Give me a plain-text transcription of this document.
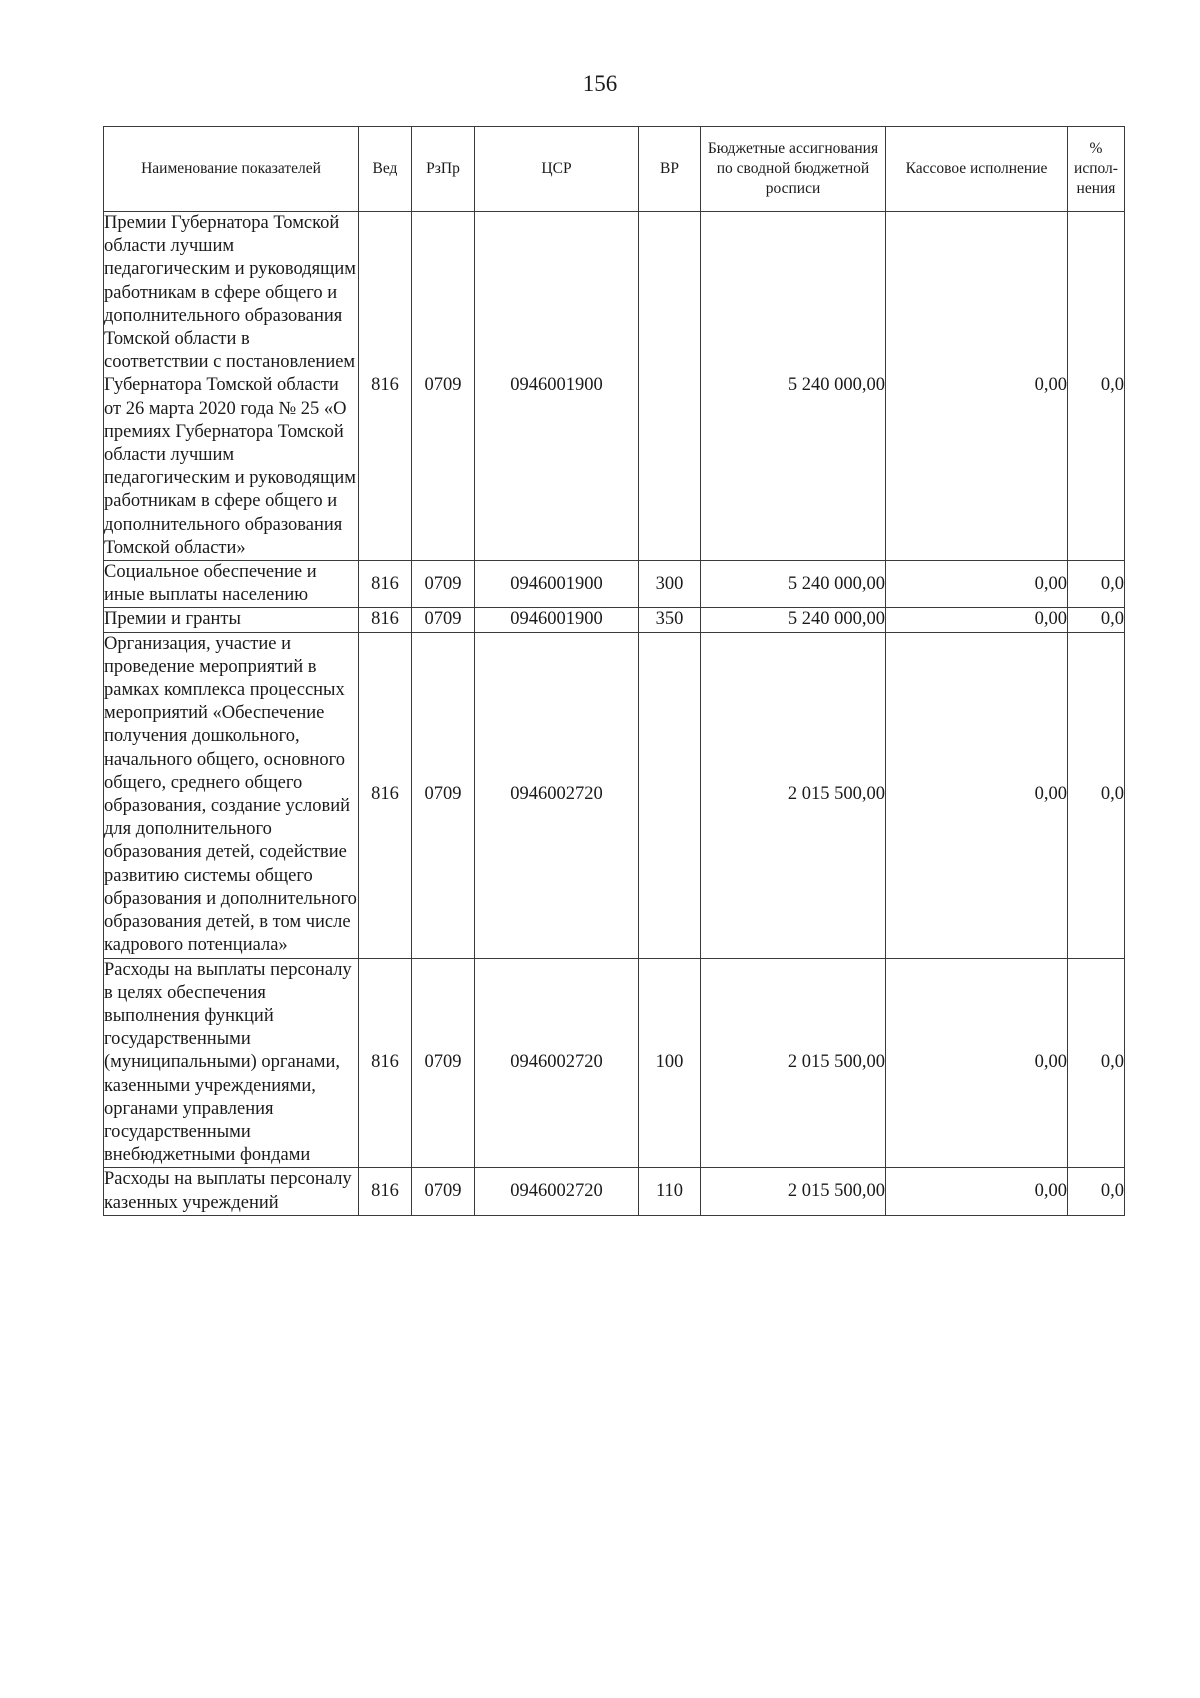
156
Наименование показателей	Вед	РзПр	ЦСР	ВР	Бюджетные ассигнования по сводной бюджетной росписи	Кассовое исполнение	% испол-нения
Премии Губернатора Томской области лучшим педагогическим и руководящим работникам в сфере общего и дополнительного образования Томской области в соответствии с постановлением Губернатора Томской области от 26 марта 2020 года № 25 «О премиях Губернатора Томской области лучшим педагогическим и руководящим работникам в сфере общего и дополнительного образования Томской области»	816	0709	0946001900		5 240 000,00	0,00	0,0
Социальное обеспечение и иные выплаты населению	816	0709	0946001900	300	5 240 000,00	0,00	0,0
Премии и гранты	816	0709	0946001900	350	5 240 000,00	0,00	0,0
Организация, участие и проведение мероприятий в рамках комплекса процессных мероприятий «Обеспечение получения дошкольного, начального общего, основного общего, среднего общего образования, создание условий для дополнительного образования детей, содействие развитию системы общего образования и дополнительного образования детей, в том числе кадрового потенциала»	816	0709	0946002720		2 015 500,00	0,00	0,0
Расходы на выплаты персоналу в целях обеспечения выполнения функций государственными (муниципальными) органами, казенными учреждениями, органами управления государственными внебюджетными фондами	816	0709	0946002720	100	2 015 500,00	0,00	0,0
Расходы на выплаты персоналу казенных учреждений	816	0709	0946002720	110	2 015 500,00	0,00	0,0
